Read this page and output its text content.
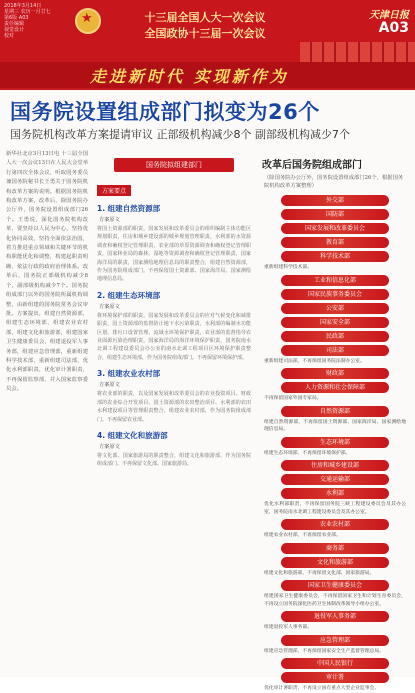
2018年3月14日
星期三 农历一月廿七
第6版 A03
责任编辑
视觉设计
校对
★
十三届全国人大一次会议
全国政协十三届一次会议
天津日报
A03
走进新时代 实现新作为
国务院设置组成部门拟变为26个
国务院机构改革方案提请审议 正部级机构减少8个 副部级机构减少7个
新华社北京3月13日电 十三届全国人大一次会议13日在人民大会堂举行第四次全体会议，听取国务委员兼国务院秘书长王勇关于国务院机构改革方案的说明。根据国务院机构改革方案，改革后，除国务院办公厅外，国务院设置组成部门26个。王勇说，深化国务院机构改革，要坚持以人民为中心，坚持优化协同高效，坚持全面依法治国，着力推进重点领域和关键环节的机构职能优化和调整，构建起职责明确、依法行政的政府治理体系。改革后，国务院正部级机构减少8个，副部级机构减少7个。国务院组成部门以外的国务院所属机构调整，由新组建的国务院常务会议审批。方案提出，组建自然资源部，组建生态环境部，组建农业农村部，组建文化和旅游部，组建国家卫生健康委员会，组建退役军人事务部，组建应急管理部，重新组建科学技术部，重新组建司法部，优化水利部职责，优化审计署职责，不再保留监察部，并入国家监察委员会。
国务院拟组建部门
方案要点
1. 组建自然资源部
方案原文
将国土资源部的职责，国家发展和改革委员会的组织编制主体功能区规划职责，住房和城乡建设部的城乡规划管理职责，水利部的水资源调查和确权登记管理职责，农业部的草原资源调查和确权登记管理职责，国家林业局的森林、湿地等资源调查和确权登记管理职责，国家海洋局的职责，国家测绘地理信息局的职责整合，组建自然资源部，作为国务院组成部门。不再保留国土资源部、国家海洋局、国家测绘地理信息局。
2. 组建生态环境部
方案原文
将环境保护部的职责，国家发展和改革委员会的应对气候变化和减排职责，国土资源部的监督防止地下水污染职责，水利部的编制水功能区划、排污口设置管理、流域水环境保护职责，农业部的监督指导农业面源污染治理职责，国家海洋局的海洋环境保护职责，国务院南水北调工程建设委员会办公室的南水北调工程项目区环境保护职责整合，组建生态环境部，作为国务院组成部门。不再保留环境保护部。
3. 组建农业农村部
方案原文
将农业部的职责，以及国家发展和改革委员会的农业投资项目、财政部的农业综合开发项目、国土资源部的农田整治项目、水利部的农田水利建设项目等管理职责整合，组建农业农村部，作为国务院组成部门。不再保留农业部。
4. 组建文化和旅游部
方案原文
将文化部、国家旅游局的职责整合，组建文化和旅游部，作为国务院组成部门。不再保留文化部、国家旅游局。
改革后国务院组成部门
（除国务院办公厅外，国务院设置组成部门26个，根据国务院机构改革方案整理）
外交部
国防部
国家发展和改革委员会
教育部
科学技术部
重新组建科学技术部。
工业和信息化部
国家民族事务委员会
公安部
国家安全部
民政部
司法部
重新组建司法部，不再保留国务院法制办公室。
财政部
人力资源和社会保障部
不再保留国家外国专家局。
自然资源部
组建自然资源部，不再保留国土资源部、国家海洋局、国家测绘地理信息局。
生态环境部
组建生态环境部，不再保留环境保护部。
住房和城乡建设部
交通运输部
水利部
优化水利部职责，不再保留国务院三峡工程建设委员会及其办公室、国务院南水北调工程建设委员会及其办公室。
农业农村部
组建农业农村部，不再保留农业部。
商务部
文化和旅游部
组建文化和旅游部，不再保留文化部、国家旅游局。
国家卫生健康委员会
组建国家卫生健康委员会，不再保留国家卫生和计划生育委员会，不再设立国务院深化医药卫生体制改革领导小组办公室。
退役军人事务部
组建退役军人事务部。
应急管理部
组建应急管理部，不再保留国家安全生产监督管理总局。
中国人民银行
审计署
优化审计署职责，不再设立国有重点大型企业监事会。
